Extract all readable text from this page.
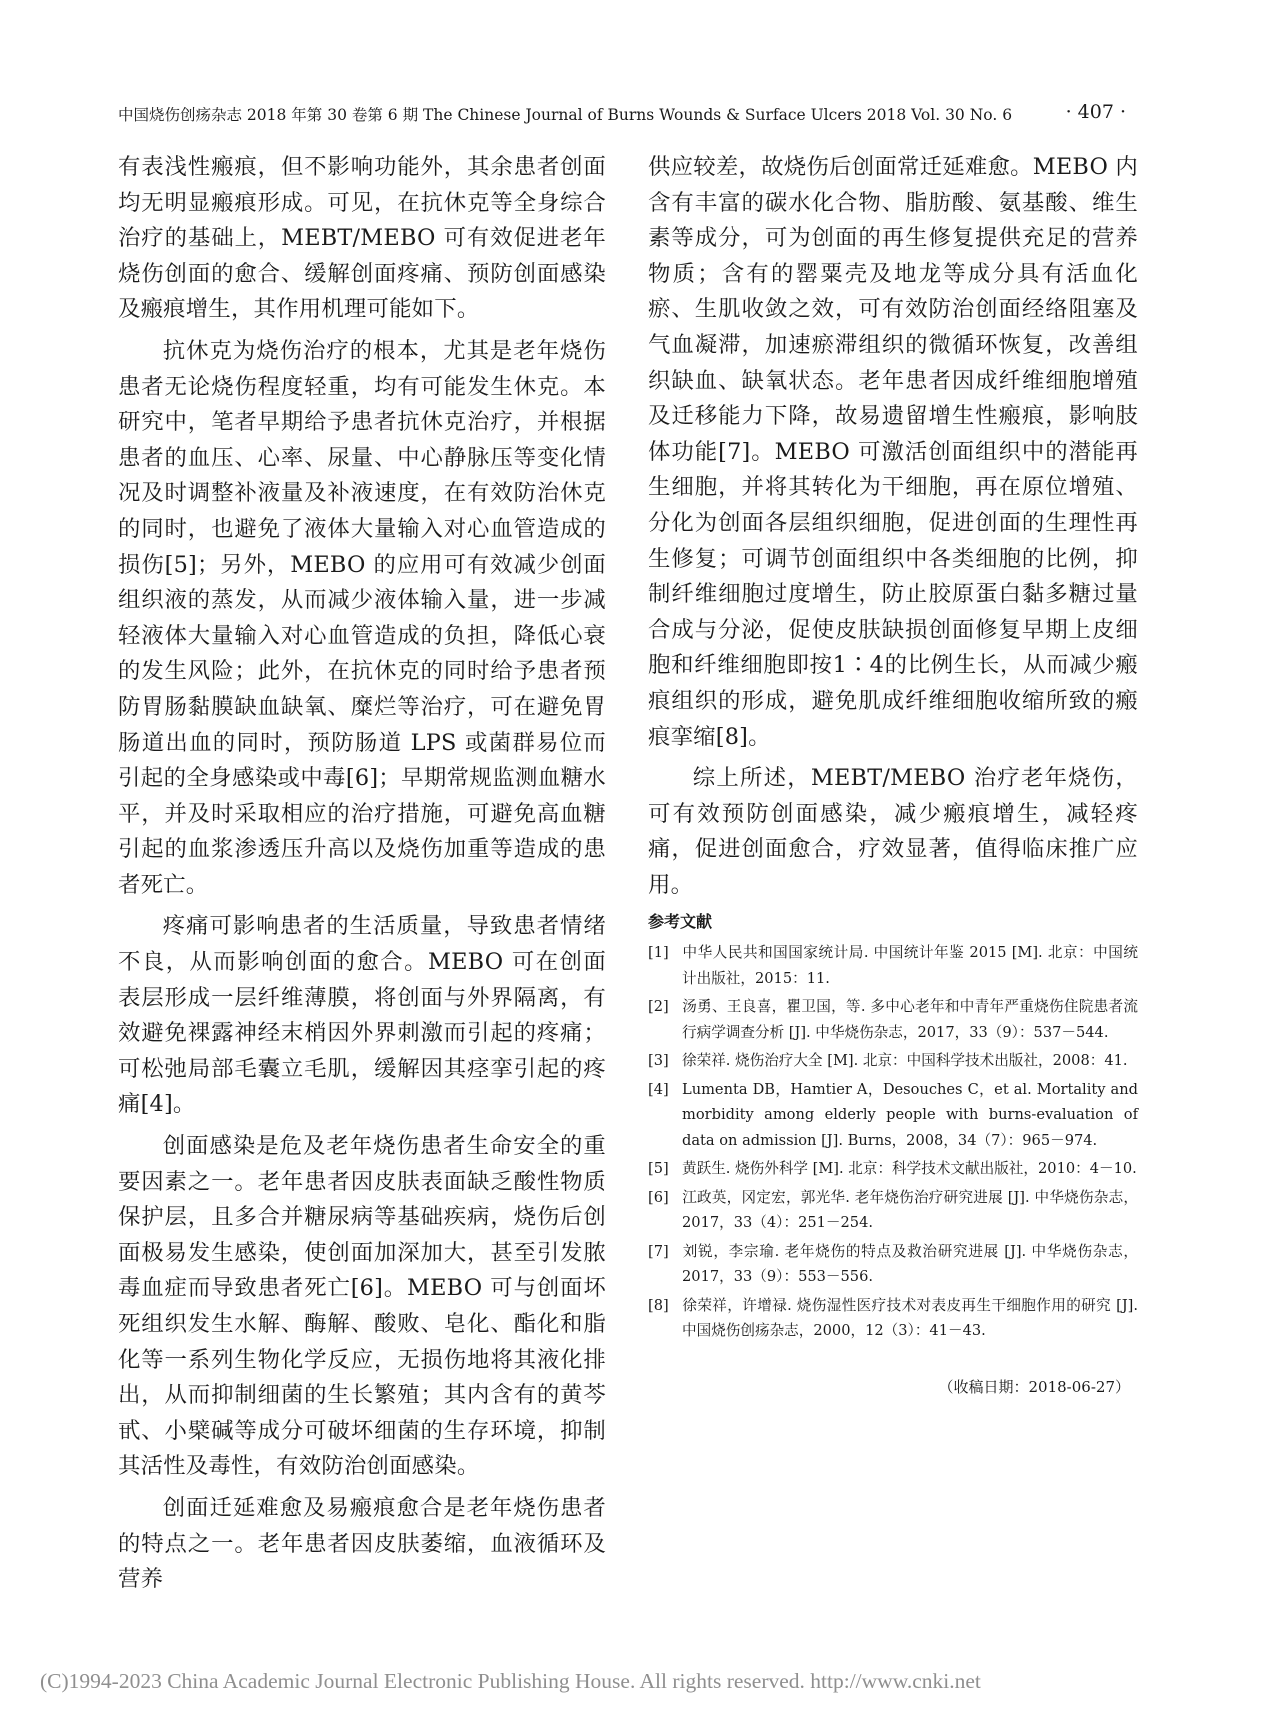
中国烧伤创疡杂志 2018 年第 30 卷第 6 期 The Chinese Journal of Burns Wounds & Surface Ulcers 2018 Vol. 30 No. 6	· 407 ·

有表浅性瘢痕，但不影响功能外，其余患者创面均无明显瘢痕形成。可见，在抗休克等全身综合治疗的基础上，MEBT/MEBO 可有效促进老年烧伤创面的愈合、缓解创面疼痛、预防创面感染及瘢痕增生，其作用机理可能如下。

抗休克为烧伤治疗的根本，尤其是老年烧伤患者无论烧伤程度轻重，均有可能发生休克。本研究中，笔者早期给予患者抗休克治疗，并根据患者的血压、心率、尿量、中心静脉压等变化情况及时调整补液量及补液速度，在有效防治休克的同时，也避免了液体大量输入对心血管造成的损伤[5]；另外，MEBO 的应用可有效减少创面组织液的蒸发，从而减少液体输入量，进一步减轻液体大量输入对心血管造成的负担，降低心衰的发生风险；此外，在抗休克的同时给予患者预防胃肠黏膜缺血缺氧、糜烂等治疗，可在避免胃肠道出血的同时，预防肠道 LPS 或菌群易位而引起的全身感染或中毒[6]；早期常规监测血糖水平，并及时采取相应的治疗措施，可避免高血糖引起的血浆渗透压升高以及烧伤加重等造成的患者死亡。

疼痛可影响患者的生活质量，导致患者情绪不良，从而影响创面的愈合。MEBO 可在创面表层形成一层纤维薄膜，将创面与外界隔离，有效避免裸露神经末梢因外界刺激而引起的疼痛；可松弛局部毛囊立毛肌，缓解因其痉挛引起的疼痛[4]。

创面感染是危及老年烧伤患者生命安全的重要因素之一。老年患者因皮肤表面缺乏酸性物质保护层，且多合并糖尿病等基础疾病，烧伤后创面极易发生感染，使创面加深加大，甚至引发脓毒血症而导致患者死亡[6]。MEBO 可与创面坏死组织发生水解、酶解、酸败、皂化、酯化和脂化等一系列生物化学反应，无损伤地将其液化排出，从而抑制细菌的生长繁殖；其内含有的黄芩甙、小檗碱等成分可破坏细菌的生存环境，抑制其活性及毒性，有效防治创面感染。

创面迁延难愈及易瘢痕愈合是老年烧伤患者的特点之一。老年患者因皮肤萎缩，血液循环及营养

供应较差，故烧伤后创面常迁延难愈。MEBO 内含有丰富的碳水化合物、脂肪酸、氨基酸、维生素等成分，可为创面的再生修复提供充足的营养物质；含有的罂粟壳及地龙等成分具有活血化瘀、生肌收敛之效，可有效防治创面经络阻塞及气血凝滞，加速瘀滞组织的微循环恢复，改善组织缺血、缺氧状态。老年患者因成纤维细胞增殖及迁移能力下降，故易遗留增生性瘢痕，影响肢体功能[7]。MEBO 可激活创面组织中的潜能再生细胞，并将其转化为干细胞，再在原位增殖、分化为创面各层组织细胞，促进创面的生理性再生修复；可调节创面组织中各类细胞的比例，抑制纤维细胞过度增生，防止胶原蛋白黏多糖过量合成与分泌，促使皮肤缺损创面修复早期上皮细胞和纤维细胞即按1∶4的比例生长，从而减少瘢痕组织的形成，避免肌成纤维细胞收缩所致的瘢痕挛缩[8]。

综上所述，MEBT/MEBO 治疗老年烧伤，可有效预防创面感染，减少瘢痕增生，减轻疼痛，促进创面愈合，疗效显著，值得临床推广应用。

参考文献

[1] 中华人民共和国国家统计局. 中国统计年鉴 2015 [M]. 北京：中国统计出版社，2015：11.

[2] 汤勇、王良喜，瞿卫国，等. 多中心老年和中青年严重烧伤住院患者流行病学调查分析 [J]. 中华烧伤杂志，2017，33（9）：537－544.

[3] 徐荣祥. 烧伤治疗大全 [M]. 北京：中国科学技术出版社，2008：41.

[4] Lumenta DB，Hamtier A，Desouches C，et al. Mortality and morbidity among elderly people with burns-evaluation of data on admission [J]. Burns，2008，34（7）：965－974.

[5] 黄跃生. 烧伤外科学 [M]. 北京：科学技术文献出版社，2010：4－10.

[6] 江政英，冈定宏，郭光华. 老年烧伤治疗研究进展 [J]. 中华烧伤杂志，2017，33（4）：251－254.

[7] 刘锐，李宗瑜. 老年烧伤的特点及救治研究进展 [J]. 中华烧伤杂志，2017，33（9）：553－556.

[8] 徐荣祥，许增禄. 烧伤湿性医疗技术对表皮再生干细胞作用的研究 [J]. 中国烧伤创疡杂志，2000，12（3）：41－43.

（收稿日期：2018-06-27）
(C)1994-2023 China Academic Journal Electronic Publishing House. All rights reserved. http://www.cnki.net
